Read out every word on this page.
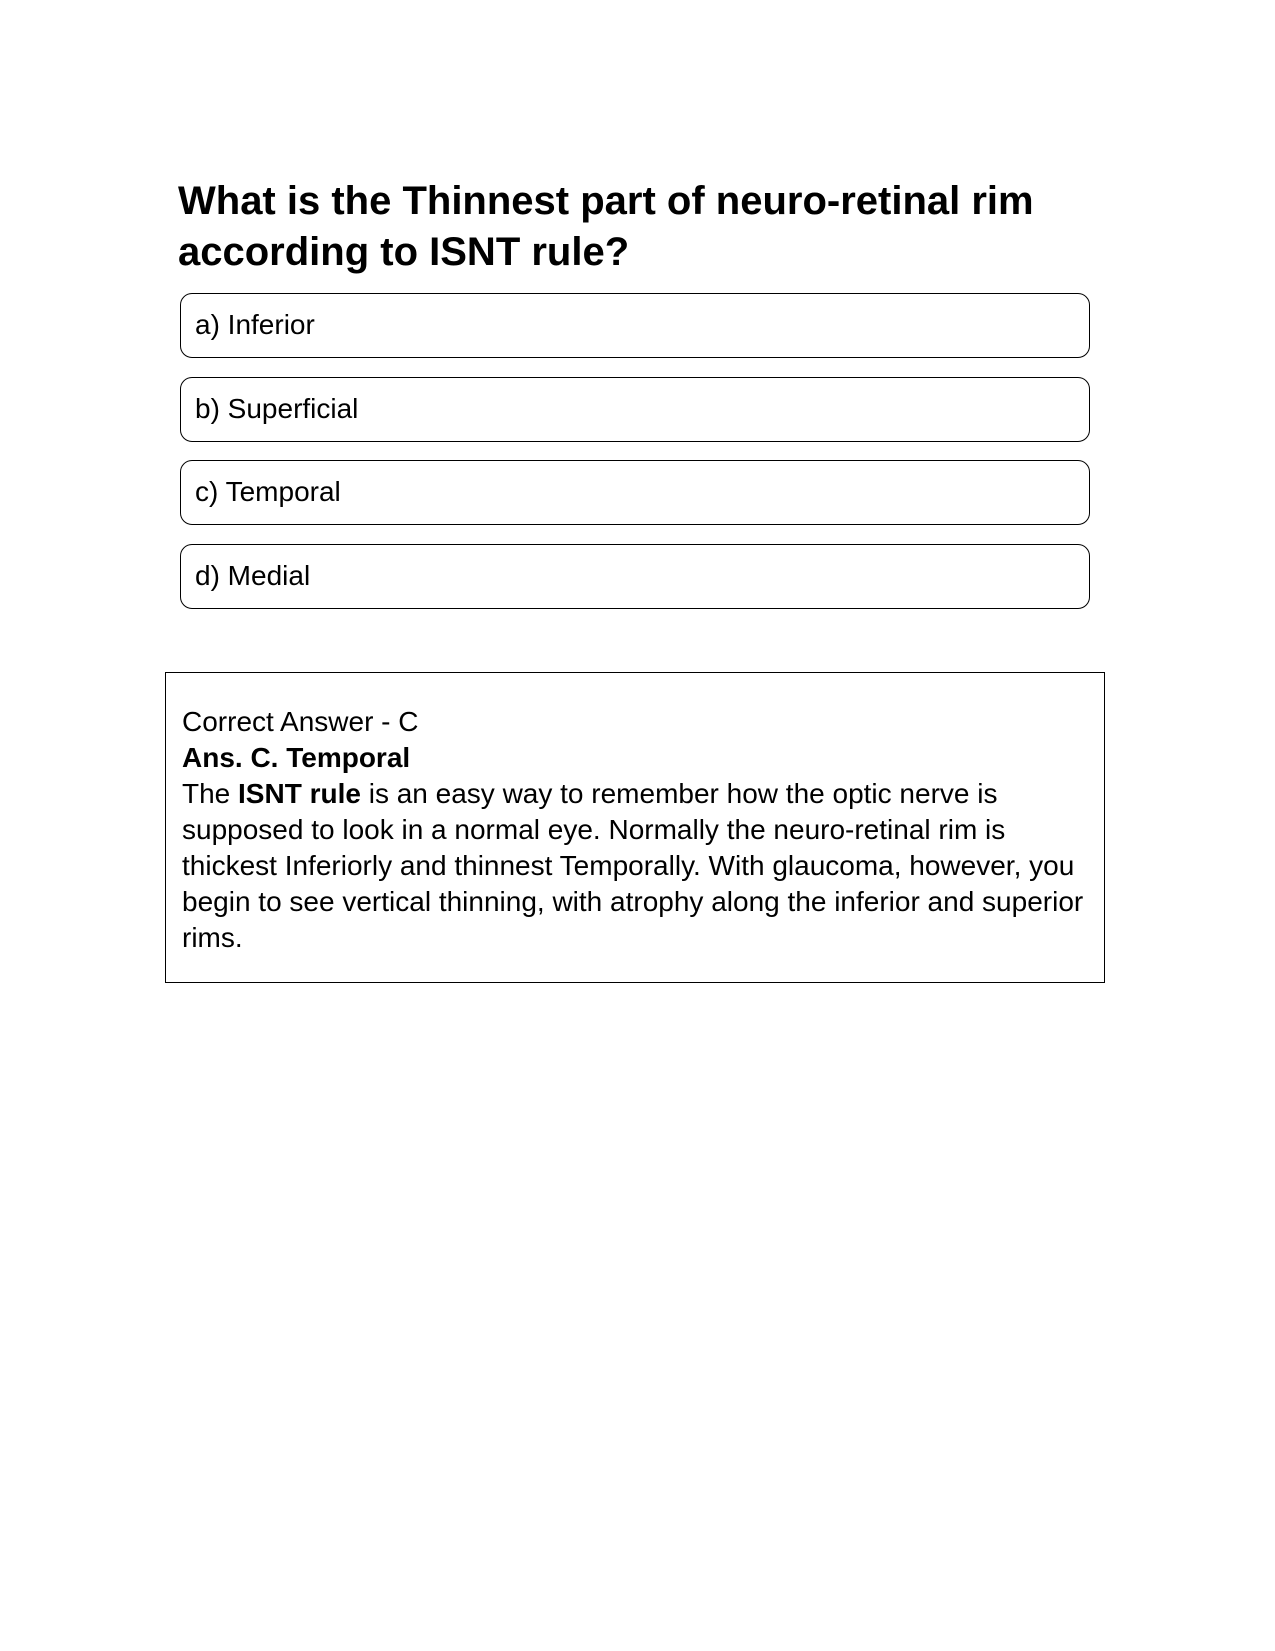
What is the Thinnest part of neuro-retinal rim according to ISNT rule?
a) Inferior
b) Superficial
c) Temporal
d) Medial
Correct Answer - C
Ans. C. Temporal
The ISNT rule is an easy way to remember how the optic nerve is supposed to look in a normal eye. Normally the neuro-retinal rim is thickest Inferiorly and thinnest Temporally. With glaucoma, however, you begin to see vertical thinning, with atrophy along the inferior and superior rims.
